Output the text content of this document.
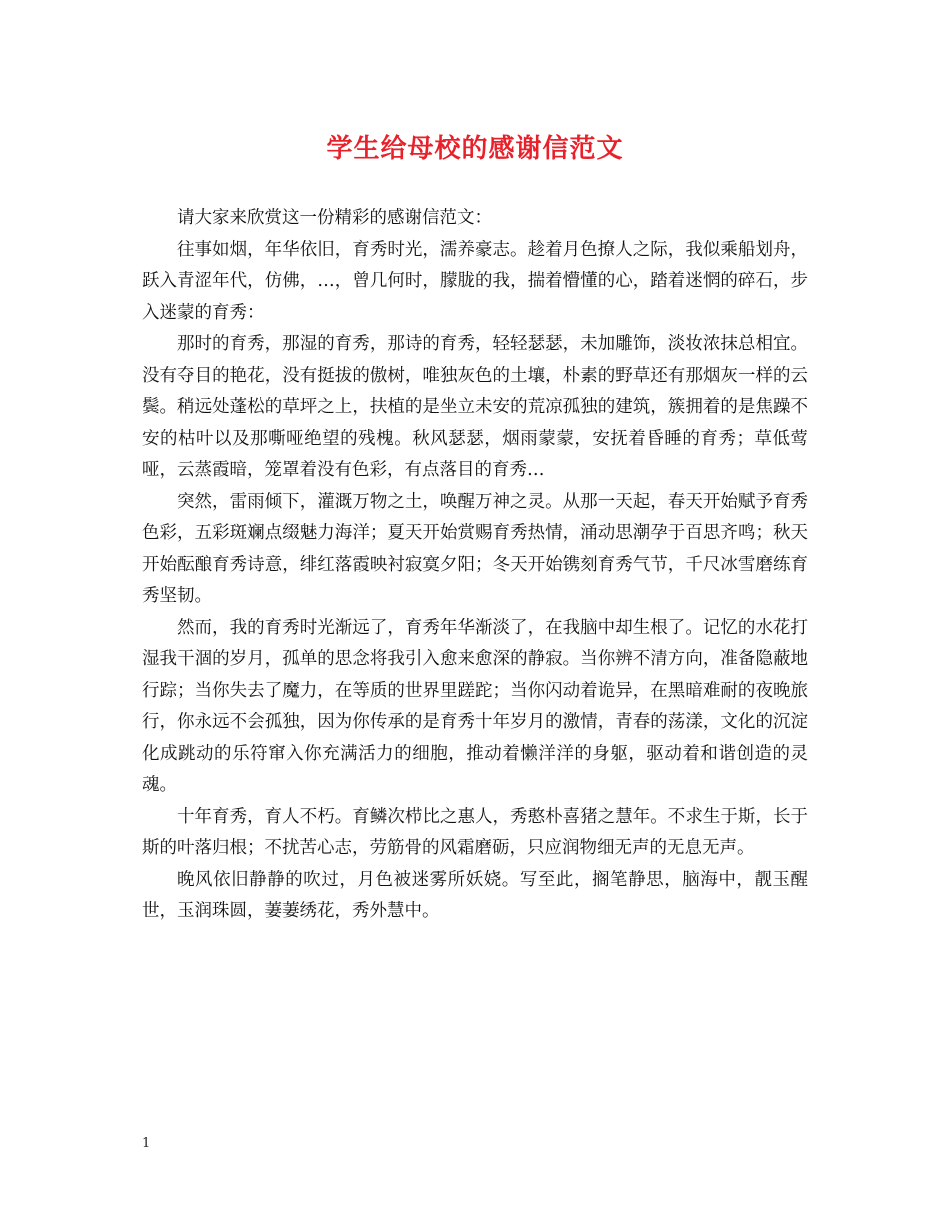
学生给母校的感谢信范文

请大家来欣赏这一份精彩的感谢信范文：

往事如烟，年华依旧，育秀时光，濡养豪志。趁着月色撩人之际，我似乘船划舟，跃入青涩年代，仿佛，…，曾几何时，朦胧的我，揣着懵懂的心，踏着迷惘的碎石，步入迷蒙的育秀：

那时的育秀，那湿的育秀，那诗的育秀，轻轻瑟瑟，未加雕饰，淡妆浓抹总相宜。没有夺目的艳花，没有挺拔的傲树，唯独灰色的土壤，朴素的野草还有那烟灰一样的云鬓。稍远处蓬松的草坪之上，扶植的是坐立未安的荒凉孤独的建筑，簇拥着的是焦躁不安的枯叶以及那嘶哑绝望的残槐。秋风瑟瑟，烟雨蒙蒙，安抚着昏睡的育秀；草低莺哑，云蒸霞暗，笼罩着没有色彩，有点落目的育秀…

突然，雷雨倾下，灌溉万物之土，唤醒万神之灵。从那一天起，春天开始赋予育秀色彩，五彩斑斓点缀魅力海洋；夏天开始赏赐育秀热情，涌动思潮孕于百思齐鸣；秋天开始酝酿育秀诗意，绯红落霞映衬寂寞夕阳；冬天开始镌刻育秀气节，千尺冰雪磨练育秀坚韧。

然而，我的育秀时光渐远了，育秀年华渐淡了，在我脑中却生根了。记忆的水花打湿我干涸的岁月，孤单的思念将我引入愈来愈深的静寂。当你辨不清方向，准备隐蔽地行踪；当你失去了魔力，在等质的世界里蹉跎；当你闪动着诡异，在黑暗难耐的夜晚旅行，你永远不会孤独，因为你传承的是育秀十年岁月的激情，青春的荡漾，文化的沉淀化成跳动的乐符窜入你充满活力的细胞，推动着懒洋洋的身躯，驱动着和谐创造的灵魂。

十年育秀，育人不朽。育鳞次栉比之惠人，秀憨朴喜猪之慧年。不求生于斯，长于斯的叶落归根；不扰苦心志，劳筋骨的风霜磨砺，只应润物细无声的无息无声。

晚风依旧静静的吹过，月色被迷雾所妖娆。写至此，搁笔静思，脑海中，靓玉醒世，玉润珠圆，萋萋绣花，秀外慧中。

1
